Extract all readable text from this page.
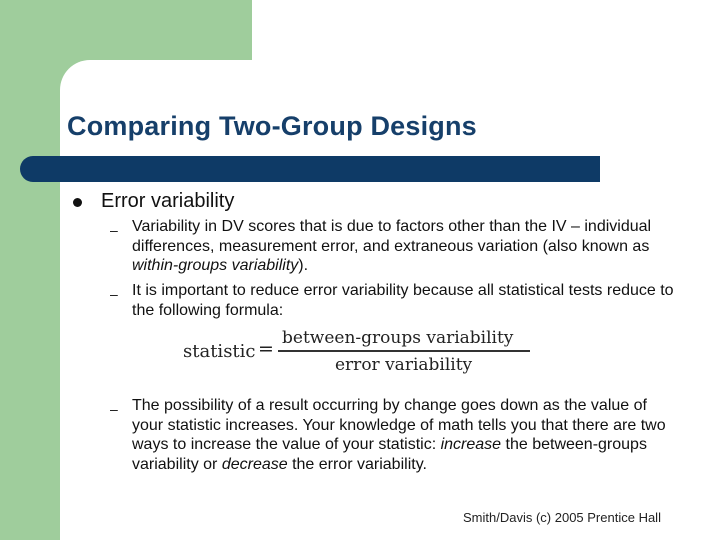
Comparing Two-Group Designs
Error variability
– Variability in DV scores that is due to factors other than the IV – individual differences, measurement error, and extraneous variation (also known as within-groups variability).
– It is important to reduce error variability because all statistical tests reduce to the following formula:
statistic = between-groups variability
error variability
– The possibility of a result occurring by change goes down as the value of your statistic increases. Your knowledge of math tells you that there are two ways to increase the value of your statistic: increase the between-groups variability or decrease the error variability.
Smith/Davis (c) 2005 Prentice Hall
